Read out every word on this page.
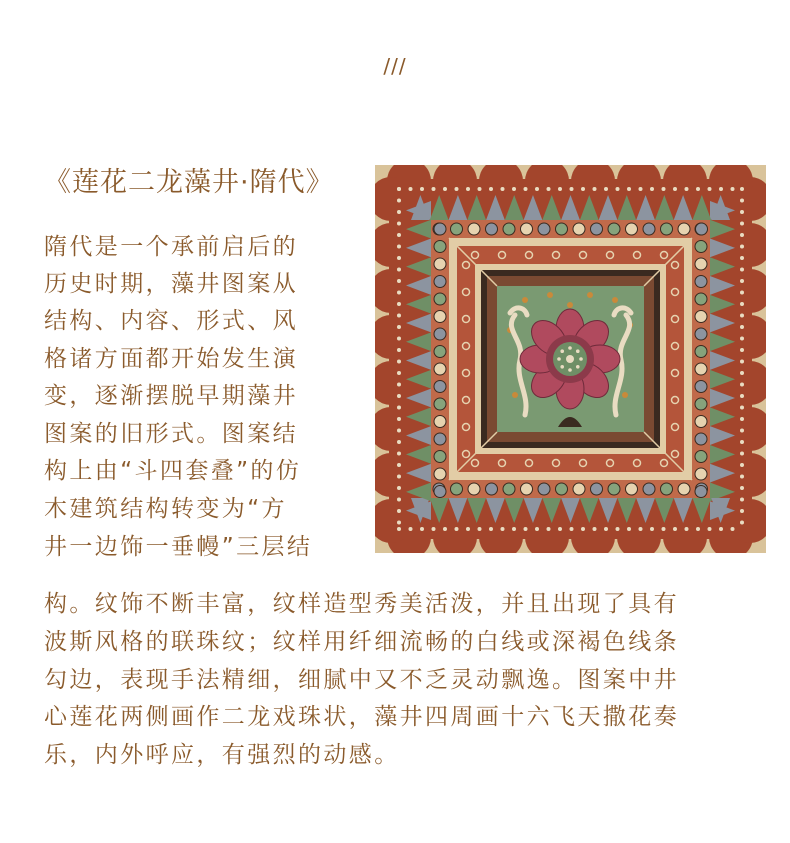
///
《莲花二龙藻井·隋代》
隋代是一个承前启后的
历史时期，藻井图案从
结构、内容、形式、风
格诸方面都开始发生演
变，逐渐摆脱早期藻井
图案的旧形式。图案结
构上由“斗四套叠”的仿
木建筑结构转变为“方
井一边饰一垂幔”三层结
构。纹饰不断丰富，纹样造型秀美活泼，并且出现了具有
波斯风格的联珠纹；纹样用纤细流畅的白线或深褐色线条
勾边，表现手法精细，细腻中又不乏灵动飘逸。图案中井
心莲花两侧画作二龙戏珠状，藻井四周画十六飞天撒花奏
乐，内外呼应，有强烈的动感。
